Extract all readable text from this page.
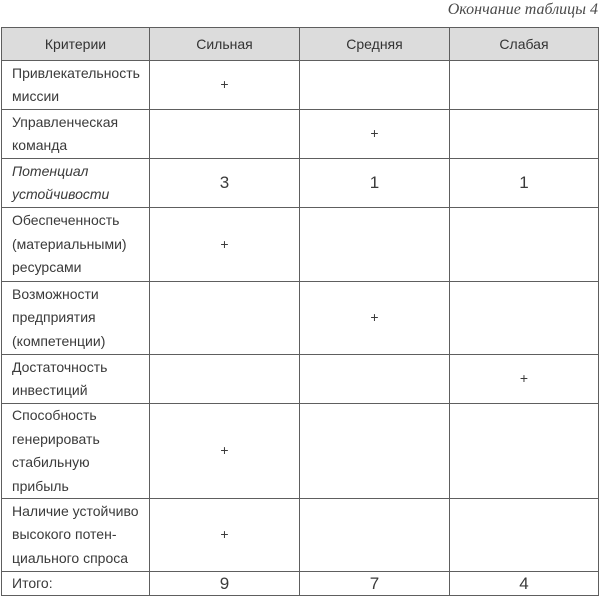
Окончание таблицы 4
Критерии	Сильная	Средняя	Слабая

Привлекательность
миссии	+		

Управленческая
команда		+	

Потенциал
устойчивости	3	1	1

Обеспеченность
(материальными)
ресурсами	+		

Возможности
предприятия
(компетенции)		+	

Достаточность
инвестиций			+

Способность
генерировать
стабильную прибыль	+		

Наличие устойчиво
высокого потен-
циального спроса	+		
Итого:	9	7	4
